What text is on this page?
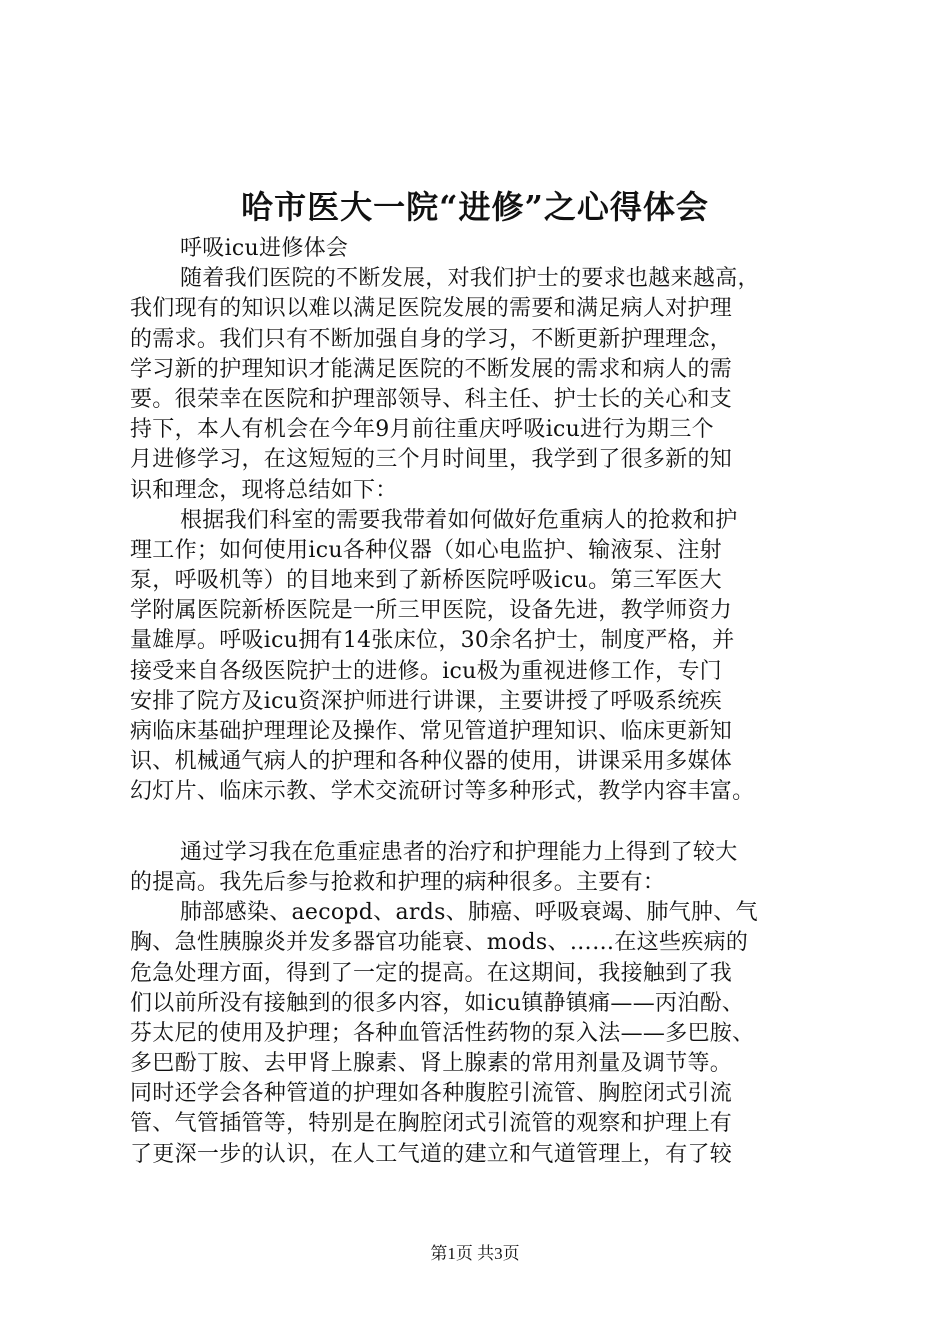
哈市医大一院“进修”之心得体会
呼吸icu进修体会
随着我们医院的不断发展，对我们护士的要求也越来越高，
我们现有的知识以难以满足医院发展的需要和满足病人对护理
的需求。我们只有不断加强自身的学习，不断更新护理理念，
学习新的护理知识才能满足医院的不断发展的需求和病人的需
要。很荣幸在医院和护理部领导、科主任、护士长的关心和支
持下，本人有机会在今年9月前往重庆呼吸icu进行为期三个
月进修学习，在这短短的三个月时间里，我学到了很多新的知
识和理念，现将总结如下：
根据我们科室的需要我带着如何做好危重病人的抢救和护
理工作；如何使用icu各种仪器（如心电监护、输液泵、注射
泵，呼吸机等）的目地来到了新桥医院呼吸icu。第三军医大
学附属医院新桥医院是一所三甲医院，设备先进，教学师资力
量雄厚。呼吸icu拥有14张床位，30余名护士，制度严格，并
接受来自各级医院护士的进修。icu极为重视进修工作，专门
安排了院方及icu资深护师进行讲课，主要讲授了呼吸系统疾
病临床基础护理理论及操作、常见管道护理知识、临床更新知
识、机械通气病人的护理和各种仪器的使用，讲课采用多媒体
幻灯片、临床示教、学术交流研讨等多种形式，教学内容丰富。
通过学习我在危重症患者的治疗和护理能力上得到了较大
的提高。我先后参与抢救和护理的病种很多。主要有：
肺部感染、aecopd、ards、肺癌、呼吸衰竭、肺气肿、气
胸、急性胰腺炎并发多器官功能衰、mods、……在这些疾病的
危急处理方面，得到了一定的提高。在这期间，我接触到了我
们以前所没有接触到的很多内容，如icu镇静镇痛——丙泊酚、
芬太尼的使用及护理；各种血管活性药物的泵入法——多巴胺、
多巴酚丁胺、去甲肾上腺素、肾上腺素的常用剂量及调节等。
同时还学会各种管道的护理如各种腹腔引流管、胸腔闭式引流
管、气管插管等，特别是在胸腔闭式引流管的观察和护理上有
了更深一步的认识，在人工气道的建立和气道管理上，有了较
第1页 共3页
